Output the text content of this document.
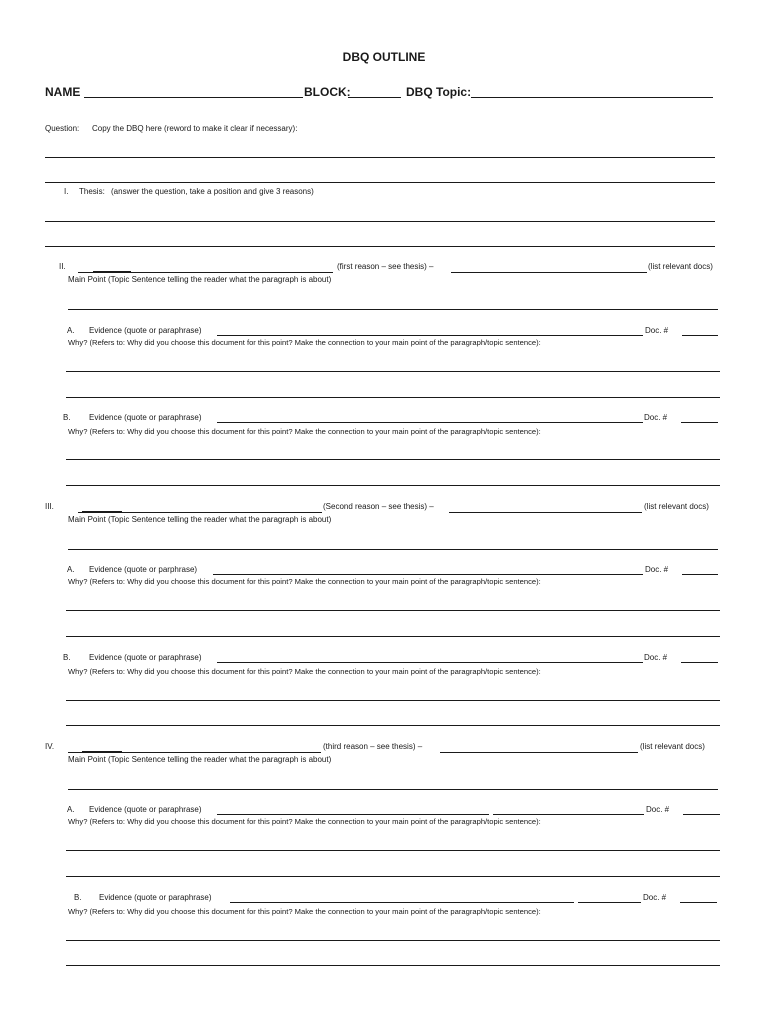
DBQ OUTLINE
NAME	BLOCK:	DBQ Topic:
Question: Copy the DBQ here (reword to make it clear if necessary):
I. Thesis: (answer the question, take a position and give 3 reasons)
II.	(first reason – see thesis) –	(list relevant docs)
Main Point (Topic Sentence telling the reader what the paragraph is about)
A. Evidence (quote or paraphrase)	Doc. #
Why? (Refers to: Why did you choose this document for this point? Make the connection to your main point of the paragraph/topic sentence):
B. Evidence (quote or paraphrase)	Doc. #
Why? (Refers to: Why did you choose this document for this point? Make the connection to your main point of the paragraph/topic sentence):
III.	(Second reason – see thesis) –	(list relevant docs)
Main Point (Topic Sentence telling the reader what the paragraph is about)
A. Evidence (quote or parphrase)	Doc. #
Why? (Refers to: Why did you choose this document for this point? Make the connection to your main point of the paragraph/topic sentence):
B. Evidence (quote or paraphrase)	Doc. #
Why? (Refers to: Why did you choose this document for this point? Make the connection to your main point of the paragraph/topic sentence):
IV.	(third reason – see thesis) –	(list relevant docs)
Main Point (Topic Sentence telling the reader what the paragraph is about)
A. Evidence (quote or paraphrase)	Doc. #
Why? (Refers to: Why did you choose this document for this point? Make the connection to your main point of the paragraph/topic sentence):
B. Evidence (quote or paraphrase)	Doc. #
Why? (Refers to: Why did you choose this document for this point? Make the connection to your main point of the paragraph/topic sentence):
